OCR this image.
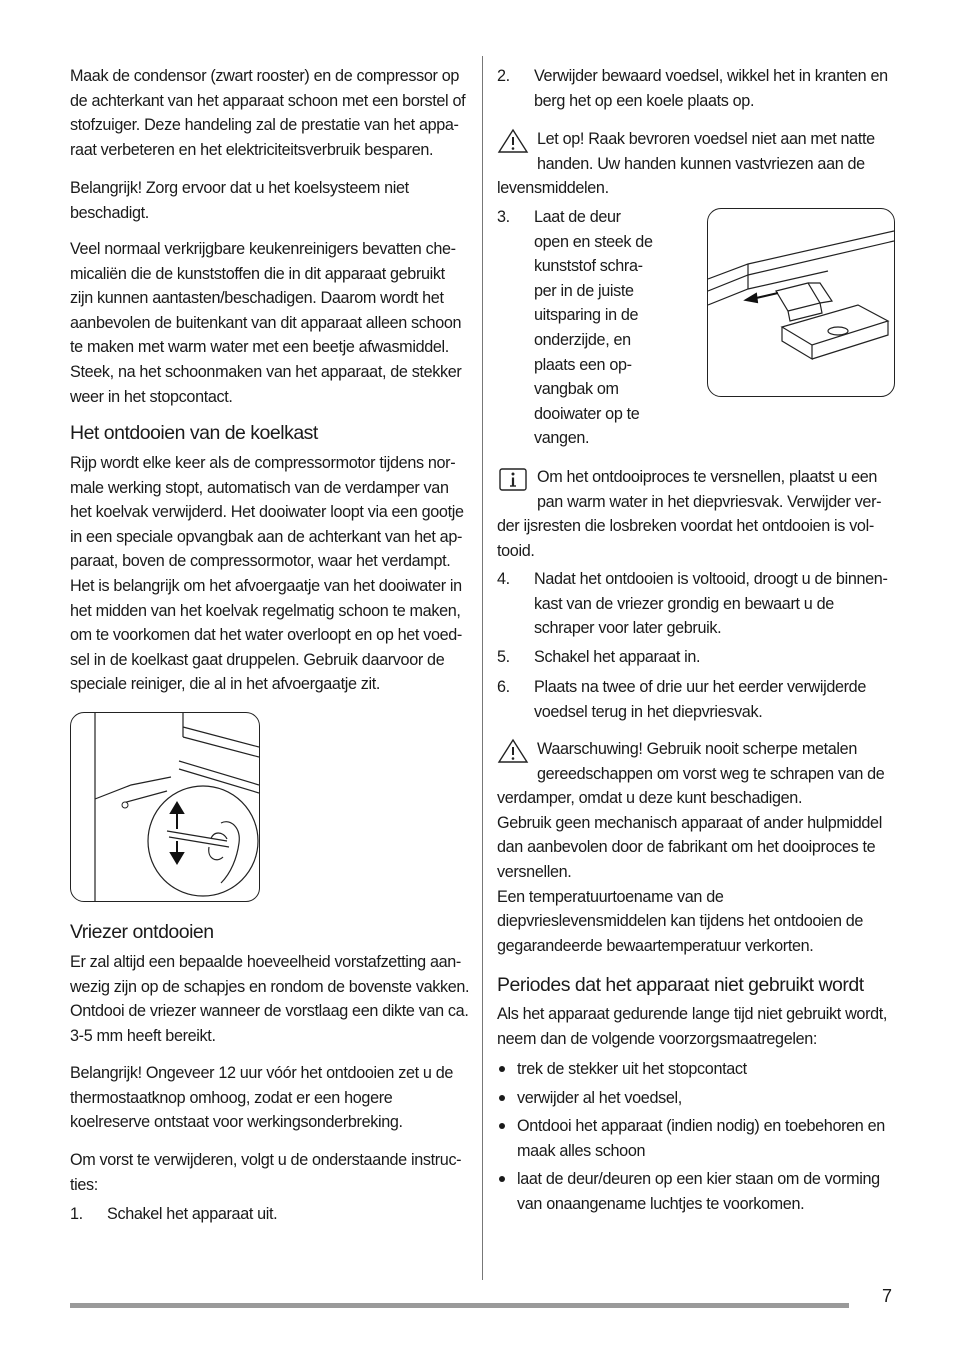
Maak de condensor (zwart rooster) en de compressor op de achterkant van het apparaat schoon met een borstel of stofzuiger. Deze handeling zal de prestatie van het appa-raat verbeteren en het elektriciteitsverbruik besparen.

Belangrijk! Zorg ervoor dat u het koelsysteem niet beschadigt.

Veel normaal verkrijgbare keukenreinigers bevatten che-micaliën die de kunststoffen die in dit apparaat gebruikt zijn kunnen aantasten/beschadigen. Daarom wordt het aanbevolen de buitenkant van dit apparaat alleen schoon te maken met warm water met een beetje afwasmiddel. Steek, na het schoonmaken van het apparaat, de stekker weer in het stopcontact.

Het ontdooien van de koelkast

Rijp wordt elke keer als de compressormotor tijdens nor-male werking stopt, automatisch van de verdamper van het koelvak verwijderd. Het dooiwater loopt via een gootje in een speciale opvangbak aan de achterkant van het ap-paraat, boven de compressormotor, waar het verdampt. Het is belangrijk om het afvoergaatje van het dooiwater in het midden van het koelvak regelmatig schoon te maken, om te voorkomen dat het water overloopt en op het voed-sel in de koelkast gaat druppelen. Gebruik daarvoor de speciale reiniger, die al in het afvoergaatje zit.

Vriezer ontdooien

Er zal altijd een bepaalde hoeveelheid vorstafzetting aan-wezig zijn op de schapjes en rondom de bovenste vakken. Ontdooi de vriezer wanneer de vorstlaag een dikte van ca. 3-5 mm heeft bereikt.

Belangrijk! Ongeveer 12 uur vóór het ontdooien zet u de thermostaatknop omhoog, zodat er een hogere koelreserve ontstaat voor werkingsonderbreking.

Om vorst te verwijderen, volgt u de onderstaande instruc-ties:

1.	Schakel het apparaat uit.
2.	Verwijder bewaard voedsel, wikkel het in kranten en berg het op een koele plaats op.
Let op! Raak bevroren voedsel niet aan met natte handen. Uw handen kunnen vastvriezen aan de levensmiddelen.
3.	Laat de deur open en steek de kunststof schra-per in de juiste uitsparing in de onderzijde, en plaats een op-vangbak om dooiwater op te vangen.
Om het ontdooiproces te versnellen, plaatst u een pan warm water in het diepvriesvak. Verwijder ver-der ijsresten die losbreken voordat het ontdooien is vol-tooid.
4.	Nadat het ontdooien is voltooid, droogt u de binnen-kast van de vriezer grondig en bewaart u de schraper voor later gebruik.
5.	Schakel het apparaat in.
6.	Plaats na twee of drie uur het eerder verwijderde voedsel terug in het diepvriesvak.
Waarschuwing! Gebruik nooit scherpe metalen gereedschappen om vorst weg te schrapen van de verdamper, omdat u deze kunt beschadigen.

Gebruik geen mechanisch apparaat of ander hulpmiddel dan aanbevolen door de fabrikant om het dooiproces te versnellen.

Een temperatuurtoename van de diepvrieslevensmiddelen kan tijdens het ontdooien de gegarandeerde bewaartemperatuur verkorten.

Periodes dat het apparaat niet gebruikt wordt

Als het apparaat gedurende lange tijd niet gebruikt wordt, neem dan de volgende voorzorgsmaatregelen:

trek de stekker uit het stopcontact
verwijder al het voedsel,
Ontdooi het apparaat (indien nodig) en toebehoren en maak alles schoon
laat de deur/deuren op een kier staan om de vorming van onaangename luchtjes te voorkomen.
7
